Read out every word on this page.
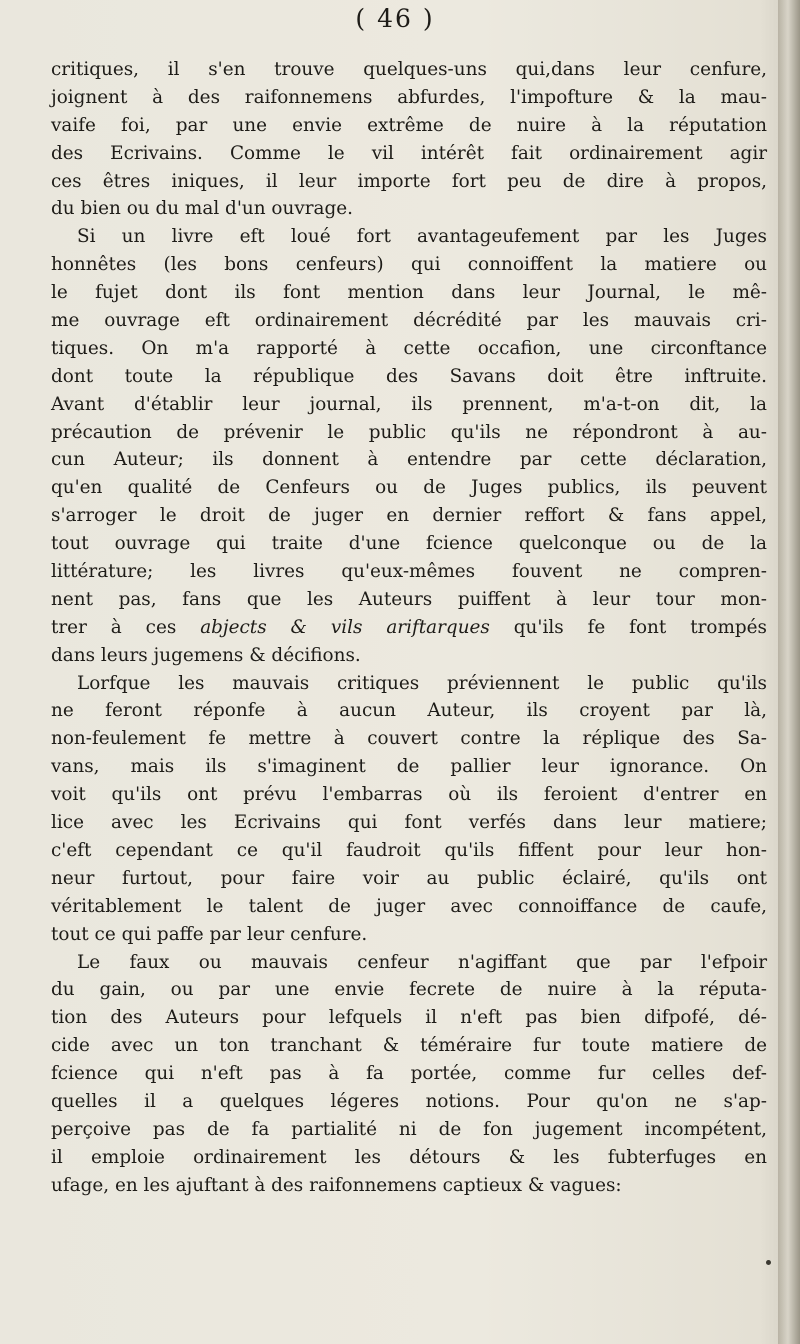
( 46 )
critiques, il s'en trouve quelques-uns qui,dans leur cenfure,
joignent à des raifonnemens abfurdes, l'impofture & la mau-
vaife foi, par une envie extrême de nuire à la réputation
des Ecrivains. Comme le vil intérêt fait ordinairement agir
ces êtres iniques, il leur importe fort peu de dire à propos,
du bien ou du mal d'un ouvrage.
Si un livre eft loué fort avantageufement par les Juges
honnêtes (les bons cenfeurs) qui connoiffent la matiere ou
le fujet dont ils font mention dans leur Journal, le mê-
me ouvrage eft ordinairement décrédité par les mauvais cri-
tiques. On m'a rapporté à cette occafion, une circonftance
dont toute la république des Savans doit être inftruite.
Avant d'établir leur journal, ils prennent, m'a-t-on dit, la
précaution de prévenir le public qu'ils ne répondront à au-
cun Auteur; ils donnent à entendre par cette déclaration,
qu'en qualité de Cenfeurs ou de Juges publics, ils peuvent
s'arroger le droit de juger en dernier reffort & fans appel,
tout ouvrage qui traite d'une fcience quelconque ou de la
littérature; les livres qu'eux-mêmes fouvent ne compren-
nent pas, fans que les Auteurs puiffent à leur tour mon-
trer à ces abjects & vils ariftarques qu'ils fe font trompés
dans leurs jugemens & décifions.
Lorfque les mauvais critiques préviennent le public qu'ils
ne feront réponfe à aucun Auteur, ils croyent par là,
non-feulement fe mettre à couvert contre la réplique des Sa-
vans, mais ils s'imaginent de pallier leur ignorance. On
voit qu'ils ont prévu l'embarras où ils feroient d'entrer en
lice avec les Ecrivains qui font verfés dans leur matiere;
c'eft cependant ce qu'il faudroit qu'ils fiffent pour leur hon-
neur furtout, pour faire voir au public éclairé, qu'ils ont
véritablement le talent de juger avec connoiffance de caufe,
tout ce qui paffe par leur cenfure.
Le faux ou mauvais cenfeur n'agiffant que par l'efpoir
du gain, ou par une envie fecrete de nuire à la réputa-
tion des Auteurs pour lefquels il n'eft pas bien difpofé, dé-
cide avec un ton tranchant & téméraire fur toute matiere de
fcience qui n'eft pas à fa portée, comme fur celles def-
quelles il a quelques légeres notions. Pour qu'on ne s'ap-
perçoive pas de fa partialité ni de fon jugement incompétent,
il emploie ordinairement les détours & les fubterfuges en
ufage, en les ajuftant à des raifonnemens captieux & vagues:
